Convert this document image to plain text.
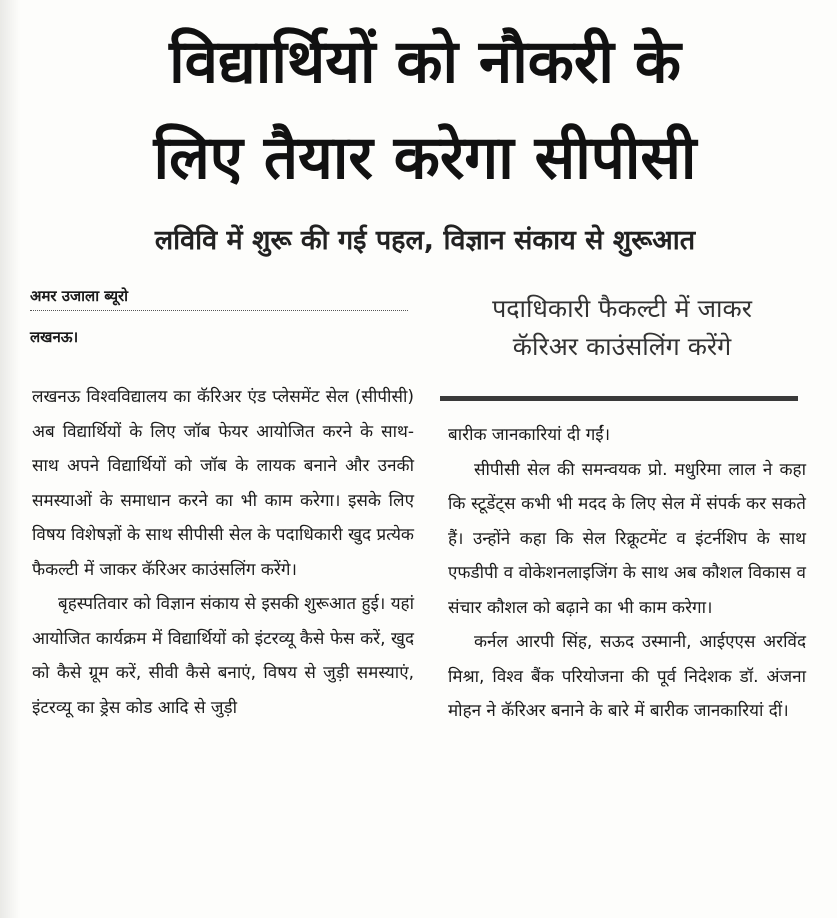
विद्यार्थियों को नौकरी के
लिए तैयार करेगा सीपीसी
लविवि में शुरू की गई पहल, विज्ञान संकाय से शुरूआत
अमर उजाला ब्यूरो
लखनऊ।

लखनऊ विश्वविद्यालय का कॅरिअर एंड प्लेसमेंट सेल (सीपीसी) अब विद्यार्थियों के लिए जॉब फेयर आयोजित करने के साथ-साथ अपने विद्यार्थियों को जॉब के लायक बनाने और उनकी समस्याओं के समाधान करने का भी काम करेगा। इसके लिए विषय विशेषज्ञों के साथ सीपीसी सेल के पदाधिकारी खुद प्रत्येक फैकल्टी में जाकर कॅरिअर काउंसलिंग करेंगे।

बृहस्पतिवार को विज्ञान संकाय से इसकी शुरूआत हुई। यहां आयोजित कार्यक्रम में विद्यार्थियों को इंटरव्यू कैसे फेस करें, खुद को कैसे ग्रूम करें, सीवी कैसे बनाएं, विषय से जुड़ी समस्याएं, इंटरव्यू का ड्रेस कोड आदि से जुड़ी

पदाधिकारी फैकल्टी में जाकर
कॅरिअर काउंसलिंग करेंगे

बारीक जानकारियां दी गईं।

सीपीसी सेल की समन्वयक प्रो. मधुरिमा लाल ने कहा कि स्टूडेंट्स कभी भी मदद के लिए सेल में संपर्क कर सकते हैं। उन्होंने कहा कि सेल रिक्रूटमेंट व इंटर्नशिप के साथ एफडीपी व वोकेशनलाइजिंग के साथ अब कौशल विकास व संचार कौशल को बढ़ाने का भी काम करेगा।

कर्नल आरपी सिंह, सऊद उस्मानी, आईएएस अरविंद मिश्रा, विश्व बैंक परियोजना की पूर्व निदेशक डॉ. अंजना मोहन ने कॅरिअर बनाने के बारे में बारीक जानकारियां दीं।
